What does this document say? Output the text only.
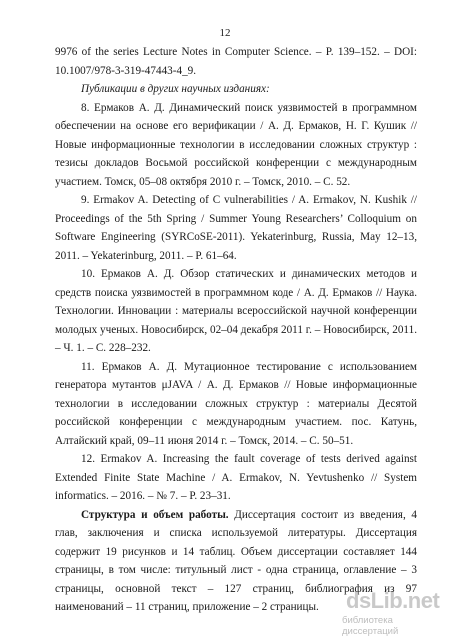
12

9976 of the series Lecture Notes in Computer Science. – P. 139–152. – DOI: 10.1007/978-3-319-47443-4_9.

Публикации в других научных изданиях:

8. Ермаков А. Д. Динамический поиск уязвимостей в программном обеспечении на основе его верификации / А. Д. Ермаков, Н. Г. Кушик // Новые информационные технологии в исследовании сложных структур : тезисы докладов Восьмой российской конференции с международным участием. Томск, 05–08 октября 2010 г. – Томск, 2010. – С. 52.

9. Ermakov A. Detecting of C vulnerabilities / A. Ermakov, N. Kushik // Proceedings of the 5th Spring / Summer Young Researchers’ Colloquium on Software Engineering (SYRCoSE-2011). Yekaterinburg, Russia, May 12–13, 2011. – Yekaterinburg, 2011. – P. 61–64.

10. Ермаков А. Д. Обзор статических и динамических методов и средств поиска уязвимостей в программном коде / А. Д. Ермаков // Наука. Технологии. Инновации : материалы всероссийской научной конференции молодых ученых. Новосибирск, 02–04 декабря 2011 г. – Новосибирск, 2011. – Ч. 1. – С. 228–232.

11. Ермаков А. Д. Мутационное тестирование с использованием генератора мутантов μJAVA / А. Д. Ермаков // Новые информационные технологии в исследовании сложных структур : материалы Десятой российской конференции с международным участием. пос. Катунь, Алтайский край, 09–11 июня 2014 г. – Томск, 2014. – С. 50–51.

12. Ermakov A. Increasing the fault coverage of tests derived against Extended Finite State Machine / A. Ermakov, N. Yevtushenko // System informatics. – 2016. – № 7. – P. 23–31.

Структура и объем работы. Диссертация состоит из введения, 4 глав, заключения и списка используемой литературы. Диссертация содержит 19 рисунков и 14 таблиц. Объем диссертации составляет 144 страницы, в том числе: титульный лист - одна страница, оглавление – 3 страницы, основной текст – 127 страниц, библиография из 97 наименований – 11 страниц, приложение – 2 страницы.	dsLib.net
библиотека диссертаций
